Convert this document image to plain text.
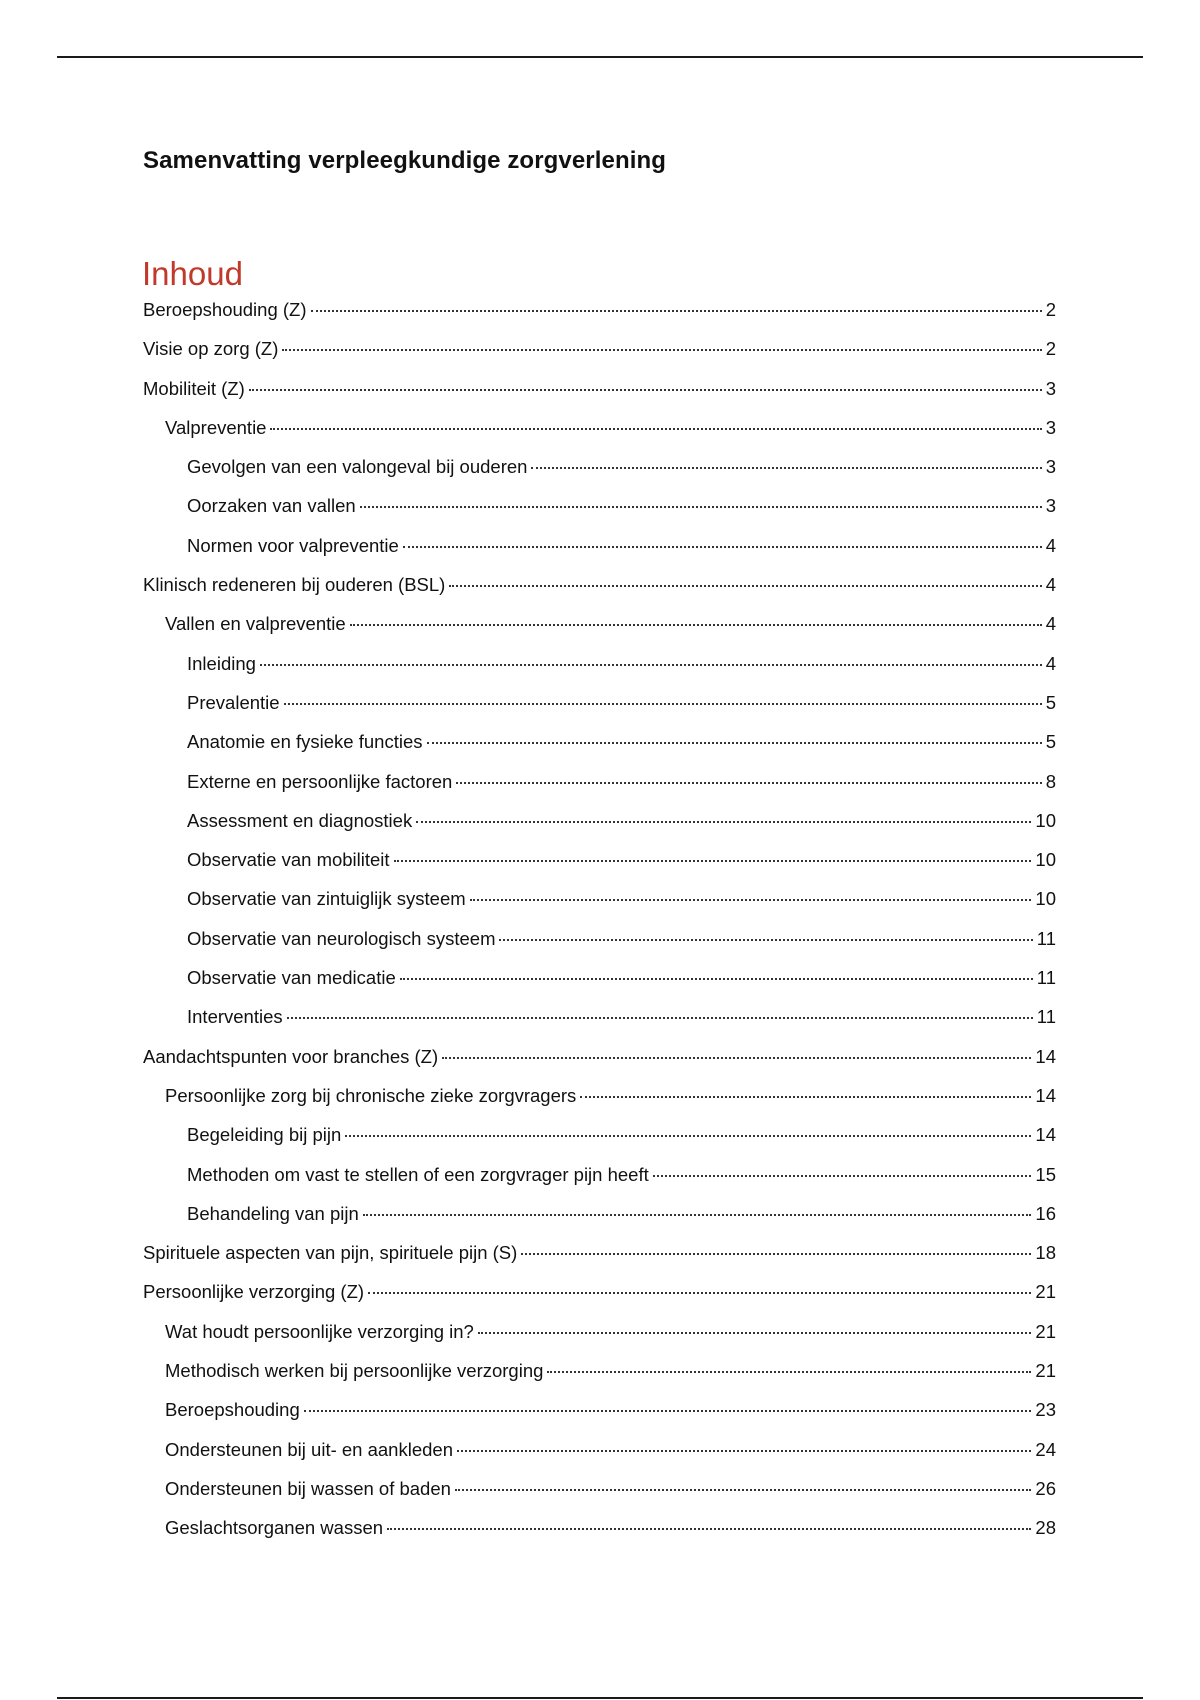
Samenvatting verpleegkundige zorgverlening
Inhoud
Beroepshouding (Z)	2
Visie op zorg (Z)	2
Mobiliteit (Z)	3
Valpreventie	3
Gevolgen van een valongeval bij ouderen	3
Oorzaken van vallen	3
Normen voor valpreventie	4
Klinisch redeneren bij ouderen (BSL)	4
Vallen en valpreventie	4
Inleiding	4
Prevalentie	5
Anatomie en fysieke functies	5
Externe en persoonlijke factoren	8
Assessment en diagnostiek	10
Observatie van mobiliteit	10
Observatie van zintuiglijk systeem	10
Observatie van neurologisch systeem	11
Observatie van medicatie	11
Interventies	11
Aandachtspunten voor branches (Z)	14
Persoonlijke zorg bij chronische zieke zorgvragers	14
Begeleiding bij pijn	14
Methoden om vast te stellen of een zorgvrager pijn heeft	15
Behandeling van pijn	16
Spirituele aspecten van pijn, spirituele pijn (S)	18
Persoonlijke verzorging (Z)	21
Wat houdt persoonlijke verzorging in?	21
Methodisch werken bij persoonlijke verzorging	21
Beroepshouding	23
Ondersteunen bij uit- en aankleden	24
Ondersteunen bij wassen of baden	26
Geslachtsorganen wassen	28
